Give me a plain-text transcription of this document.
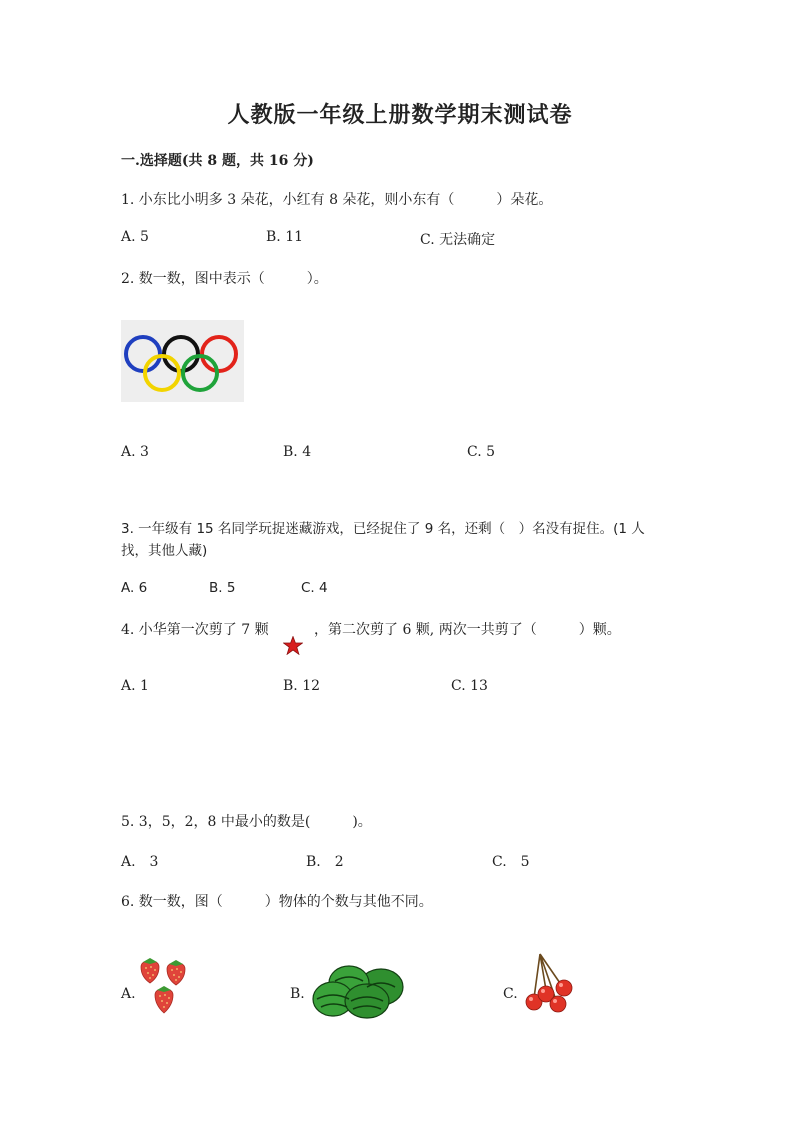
人教版一年级上册数学期末测试卷
一.选择题(共 8 题，共 16 分)
1. 小东比小明多 3 朵花，小红有 8 朵花，则小东有（　　　）朵花。
A. 5	B. 11	C. 无法确定
2. 数一数，图中表示（　　　）。
A. 3	B. 4	C. 5
3. 一年级有 15 名同学玩捉迷藏游戏，已经捉住了 9 名，还剩（　）名没有捉住。(1 人找，其他人藏)
A. 6	B. 5	C. 4
4. 小华第一次剪了 7 颗	，第二次剪了 6 颗, 两次一共剪了（　　　）颗。
A. 1	B. 12	C. 13
5. 3，5，2，8 中最小的数是(　　　)。
A.　3	B.　2	C.　5
6. 数一数，图（　　　）物体的个数与其他不同。
A.	B.	C.
